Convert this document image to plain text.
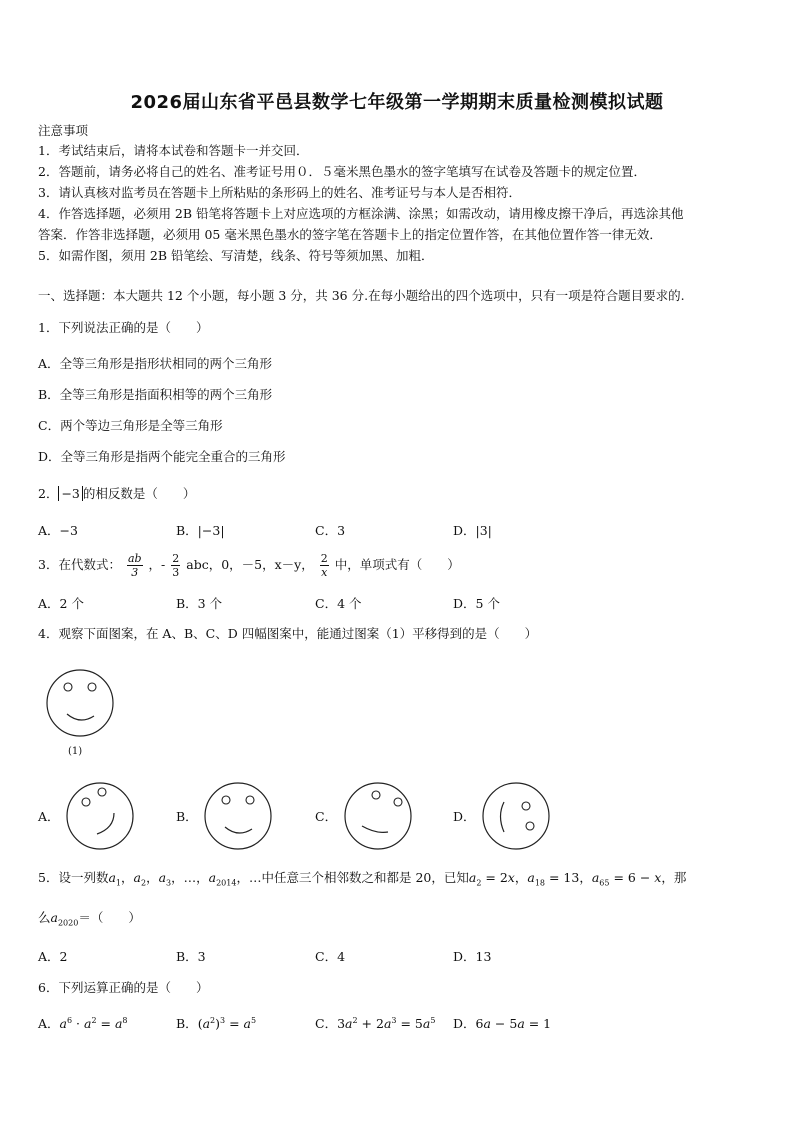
2026届山东省平邑县数学七年级第一学期期末质量检测模拟试题
注意事项
1．考试结束后，请将本试卷和答题卡一并交回．
2．答题前，请务必将自己的姓名、准考证号用０．５毫米黑色墨水的签字笔填写在试卷及答题卡的规定位置．
3．请认真核对监考员在答题卡上所粘贴的条形码上的姓名、准考证号与本人是否相符．
4．作答选择题，必须用 2B 铅笔将答题卡上对应选项的方框涂满、涂黑；如需改动，请用橡皮擦干净后，再选涂其他
答案．作答非选择题，必须用 05 毫米黑色墨水的签字笔在答题卡上的指定位置作答，在其他位置作答一律无效．
5．如需作图，须用 2B 铅笔绘、写清楚，线条、符号等须加黑、加粗．
一、选择题：本大题共 12 个小题，每小题 3 分，共 36 分.在每小题给出的四个选项中，只有一项是符合题目要求的.
1．下列说法正确的是（　　）
A．全等三角形是指形状相同的两个三角形
B．全等三角形是指面积相等的两个三角形
C．两个等边三角形是全等三角形
D．全等三角形是指两个能完全重合的三角形
2． −3 的相反数是（　　）
A．−3	B．|−3|	C．3	D．|3|
3．在代数式： $\frac{ab}{3}$ ，- $\frac{2}{3}$ abc，0，－5，x－y， $\frac{2}{x}$ 中，单项式有（　　）
A．2 个	B．3 个	C．4 个	D．5 个
4．观察下面图案，在 A、B、C、D 四幅图案中，能通过图案（1）平移得到的是（　　）
(1)
A．	B．	C．	D．
5．设一列数$a_1$，$a_2$，$a_3$，…，$a_{2014}$，…中任意三个相邻数之和都是 20，已知$a_2 = 2x$，$a_{18} = 13$，$a_{65} = 6 - x$，那
么$a_{2020}=$（　　）
A．2	B．3	C．4	D．13
6．下列运算正确的是（　　）
A．$a^6 \cdot a^2 = a^8$	B．$(a^2)^3 = a^5$	C．$3a^2 + 2a^3 = 5a^5$ D．6a − 5a = 1
